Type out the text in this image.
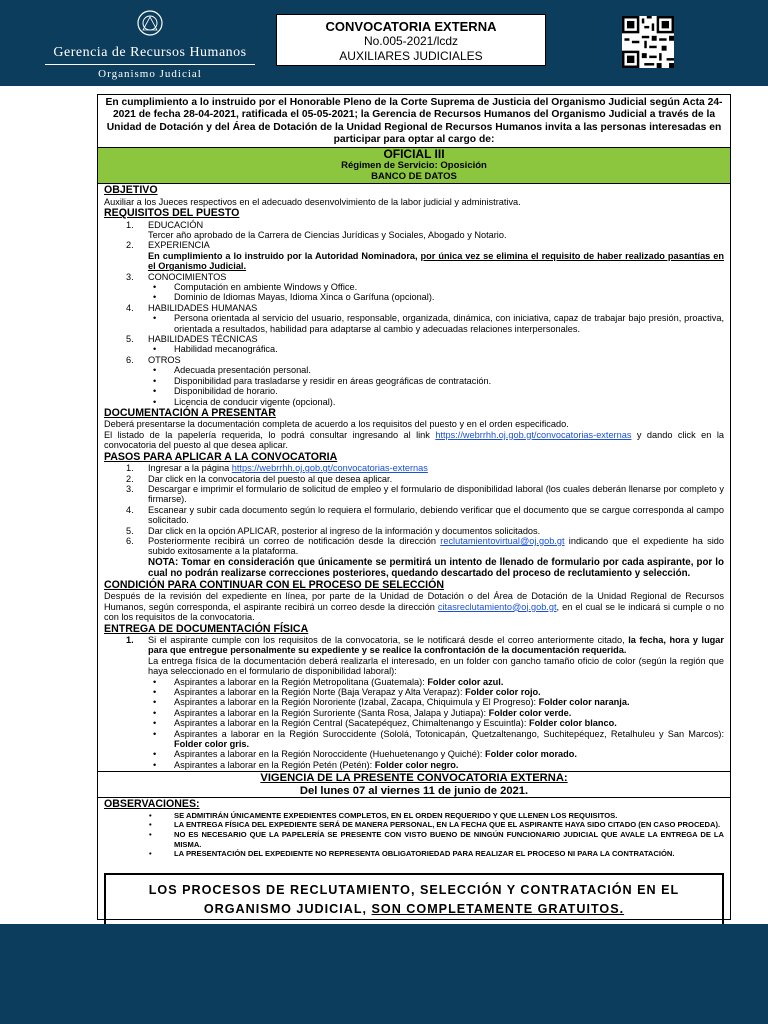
Gerencia de Recursos Humanos
Organismo Judicial
CONVOCATORIA EXTERNA
No.005-2021/lcdz
AUXILIARES JUDICIALES
En cumplimiento a lo instruido por el Honorable Pleno de la Corte Suprema de Justicia del Organismo Judicial según Acta 24-2021 de fecha 28-04-2021, ratificada el 05-05-2021; la Gerencia de Recursos Humanos del Organismo Judicial a través de la Unidad de Dotación y del Área de Dotación de la Unidad Regional de Recursos Humanos invita a las personas interesadas en participar para optar al cargo de:
OFICIAL III
Régimen de Servicio: Oposición
BANCO DE DATOS
OBJETIVO

Auxiliar a los Jueces respectivos en el adecuado desenvolvimiento de la labor judicial y administrativa.

REQUISITOS DEL PUESTO
1. EDUCACIÓN
Tercer año aprobado de la Carrera de Ciencias Jurídicas y Sociales, Abogado y Notario.
2. EXPERIENCIA
En cumplimiento a lo instruido por la Autoridad Nominadora, por única vez se elimina el requisito de haber realizado pasantías en el Organismo Judicial.
3. CONOCIMIENTOS
• Computación en ambiente Windows y Office.
• Dominio de Idiomas Mayas, Idioma Xinca o Garífuna (opcional).
4. HABILIDADES HUMANAS
• Persona orientada al servicio del usuario, responsable, organizada, dinámica, con iniciativa, capaz de trabajar bajo presión, proactiva, orientada a resultados, habilidad para adaptarse al cambio y adecuadas relaciones interpersonales.
5. HABILIDADES TÉCNICAS
• Habilidad mecanográfica.
6. OTROS
• Adecuada presentación personal.
• Disponibilidad para trasladarse y residir en áreas geográficas de contratación.
• Disponibilidad de horario.
• Licencia de conducir vigente (opcional).
DOCUMENTACIÓN A PRESENTAR

Deberá presentarse la documentación completa de acuerdo a los requisitos del puesto y en el orden especificado.

El listado de la papelería requerida, lo podrá consultar ingresando al link https://webrrhh.oj.gob.gt/convocatorias-externas y dando click en la convocatoria del puesto al que desea aplicar.

PASOS PARA APLICAR A LA CONVOCATORIA
1. Ingresar a la página https://webrrhh.oj.gob.gt/convocatorias-externas
2. Dar click en la convocatoria del puesto al que desea aplicar.
3. Descargar e imprimir el formulario de solicitud de empleo y el formulario de disponibilidad laboral (los cuales deberán llenarse por completo y firmarse).
4. Escanear y subir cada documento según lo requiera el formulario, debiendo verificar que el documento que se cargue corresponda al campo solicitado.
5. Dar click en la opción APLICAR, posterior al ingreso de la información y documentos solicitados.
6. Posteriormente recibirá un correo de notificación desde la dirección reclutamientovirtual@oj.gob.gt indicando que el expediente ha sido subido exitosamente a la plataforma.
NOTA: Tomar en consideración que únicamente se permitirá un intento de llenado de formulario por cada aspirante, por lo cual no podrán realizarse correcciones posteriores, quedando descartado del proceso de reclutamiento y selección.
CONDICIÓN PARA CONTINUAR CON EL PROCESO DE SELECCIÓN

Después de la revisión del expediente en línea, por parte de la Unidad de Dotación o del Área de Dotación de la Unidad Regional de Recursos Humanos, según corresponda, el aspirante recibirá un correo desde la dirección citasreclutamiento@oj.gob.gt, en el cual se le indicará si cumple o no con los requisitos de la convocatoria.

ENTREGA DE DOCUMENTACIÓN FÍSICA
1. Si el aspirante cumple con los requisitos de la convocatoria, se le notificará desde el correo anteriormente citado, la fecha, hora y lugar para que entregue personalmente su expediente y se realice la confrontación de la documentación requerida.
La entrega física de la documentación deberá realizarla el interesado, en un folder con gancho tamaño oficio de color (según la región que haya seleccionado en el formulario de disponibilidad laboral):
• Aspirantes a laborar en la Región Metropolitana (Guatemala): Folder color azul.
• Aspirantes a laborar en la Región Norte (Baja Verapaz y Alta Verapaz): Folder color rojo.
• Aspirantes a laborar en la Región Nororiente (Izabal, Zacapa, Chiquimula y El Progreso): Folder color naranja.
• Aspirantes a laborar en la Región Suroriente (Santa Rosa, Jalapa y Jutiapa): Folder color verde.
• Aspirantes a laborar en la Región Central (Sacatepéquez, Chimaltenango y Escuintla): Folder color blanco.
• Aspirantes a laborar en la Región Suroccidente (Sololá, Totonicapán, Quetzaltenango, Suchitepéquez, Retalhuleu y San Marcos): Folder color gris.
• Aspirantes a laborar en la Región Noroccidente (Huehuetenango y Quiché): Folder color morado.
• Aspirantes a laborar en la Región Petén (Petén): Folder color negro.
VIGENCIA DE LA PRESENTE CONVOCATORIA EXTERNA:
Del lunes 07 al viernes 11 de junio de 2021.
OBSERVACIONES:
• SE ADMITIRÁN ÚNICAMENTE EXPEDIENTES COMPLETOS, EN EL ORDEN REQUERIDO Y QUE LLENEN LOS REQUISITOS.
• LA ENTREGA FÍSICA DEL EXPEDIENTE SERÁ DE MANERA PERSONAL, EN LA FECHA QUE EL ASPIRANTE HAYA SIDO CITADO (EN CASO PROCEDA).
• NO ES NECESARIO QUE LA PAPELERÍA SE PRESENTE CON VISTO BUENO DE NINGÚN FUNCIONARIO JUDICIAL QUE AVALE LA ENTREGA DE LA MISMA.
• LA PRESENTACIÓN DEL EXPEDIENTE NO REPRESENTA OBLIGATORIEDAD PARA REALIZAR EL PROCESO NI PARA LA CONTRATACIÓN.
LOS PROCESOS DE RECLUTAMIENTO, SELECCIÓN Y CONTRATACIÓN EN EL
ORGANISMO JUDICIAL, SON COMPLETAMENTE GRATUITOS.
